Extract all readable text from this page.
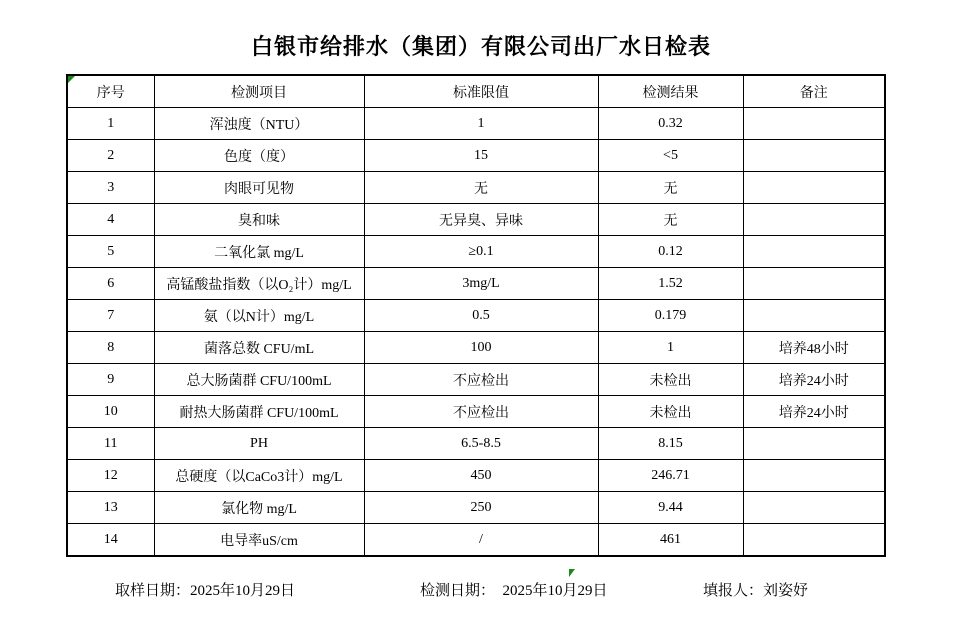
白银市给排水（集团）有限公司出厂水日检表
序号	检测项目	标准限值	检测结果	备注
1	浑浊度（NTU）	1	0.32	
2	色度（度）	15	<5	
3	肉眼可见物	无	无	
4	臭和味	无异臭、异味	无	
5	二氧化氯 mg/L	≥0.1	0.12	
6	高锰酸盐指数（以O₂计）mg/L	3mg/L	1.52	
7	氨（以N计）mg/L	0.5	0.179	
8	菌落总数 CFU/mL	100	1	培养48小时
9	总大肠菌群 CFU/100mL	不应检出	未检出	培养24小时
10	耐热大肠菌群 CFU/100mL	不应检出	未检出	培养24小时
11	PH	6.5-8.5	8.15	
12	总硬度（以CaCo3计）mg/L	450	246.71	
13	氯化物 mg/L	250	9.44	
14	电导率uS/cm	/	461	
取样日期：2025年10月29日	检测日期：  2025年10月29日	填报人：刘姿妤
